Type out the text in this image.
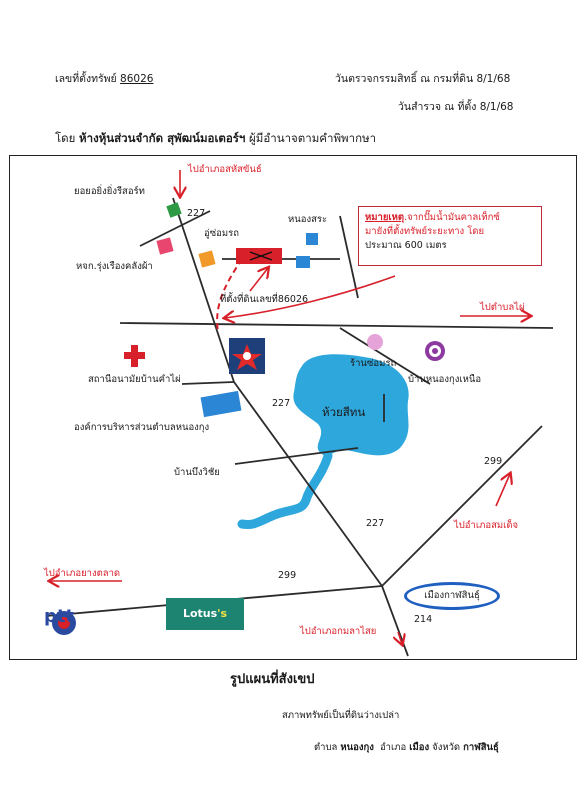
เลขที่ตั้งทรัพย์ 86026	วันตรวจกรรมสิทธิ์ ณ กรมที่ดิน 8/1/68
วันสำรวจ ณ ที่ตั้ง 8/1/68
โดย ห้างหุ้นส่วนจำกัด สุพัฒน์มอเตอร์ฯ ผู้มีอำนาจตามคำพิพากษา
ไปอำเภอสหัสขันธ์
ยอยอยิ่งยิ่งรีสอร์ท
227
อู่ซ่อมรถ
หนองสระ
หจก.รุ่งเรืองคลังผ้า
ที่ตั้งที่ดินเลขที่86026
ไปตำบลไผ่
สถานีอนามัยบ้านคำไผ่
ร้านซ่อมรถ
บ้านหนองกุงเหนือ
227
ห้วยสีทน
องค์การบริหารส่วนตำบลหนองกุง
บ้านบึงวิชัย
299
ไปอำเภอสมเด็จ
227
ไปอำเภอยางตลาด	299
เมืองกาฬสินธุ์
ไปอำเภอกมลาไสย
214
ptt	Lotus's
หมายเหตุ.จากปั๊มน้ำมันคาลเท็กซ์
มายังที่ตั้งทรัพย์ระยะทาง โดย
ประมาณ 600 เมตร
รูปแผนที่สังเขป
สภาพทรัพย์เป็นที่ดินว่างเปล่า
ตำบล หนองกุง อำเภอ เมือง จังหวัด กาฬสินธุ์
